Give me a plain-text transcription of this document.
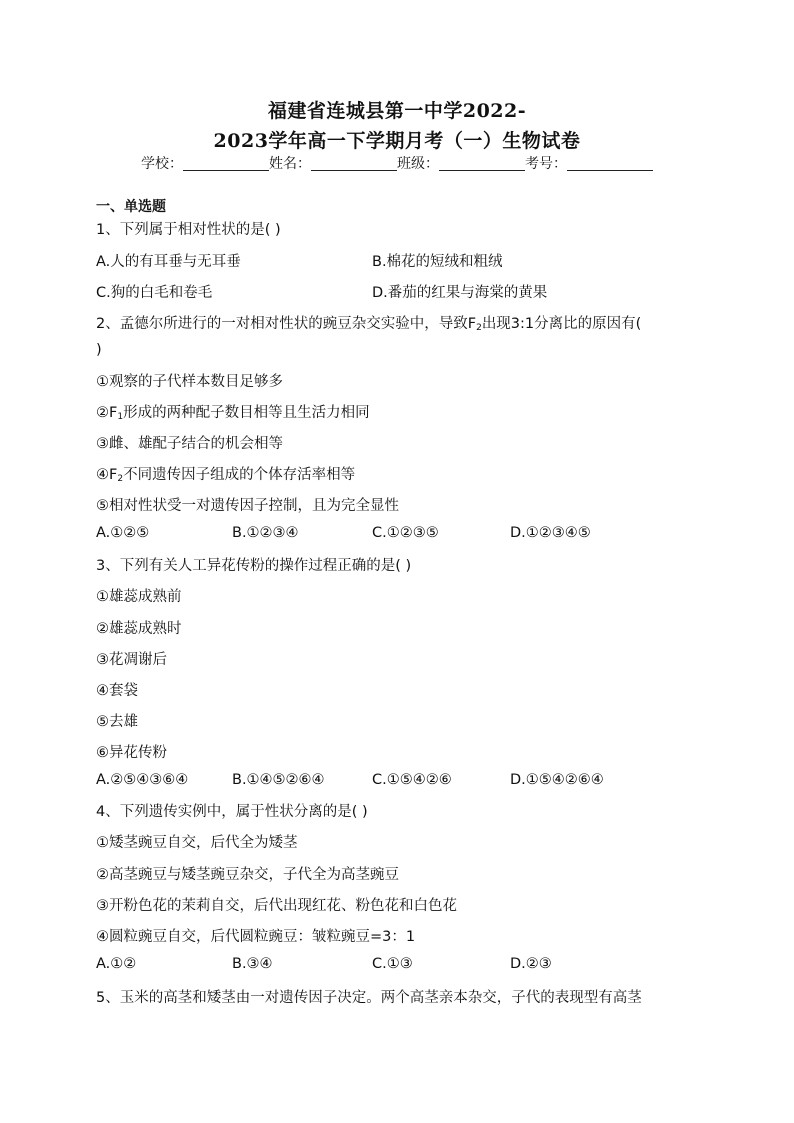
福建省连城县第一中学2022-
2023学年高一下学期月考（一）生物试卷
学校：	姓名：	班级：	考号：
一、单选题
1、下列属于相对性状的是( )
A.人的有耳垂与无耳垂	B.棉花的短绒和粗绒
C.狗的白毛和卷毛	D.番茄的红果与海棠的黄果
2、孟德尔所进行的一对相对性状的豌豆杂交实验中，导致$F_2$出现3:1分离比的原因有(
)
①观察的子代样本数目足够多
$②F_1$形成的两种配子数目相等且生活力相同
③雌、雄配子结合的机会相等
$④F_2$不同遗传因子组成的个体存活率相等
⑤相对性状受一对遗传因子控制，且为完全显性
A.①②⑤	B.①②③④	C.①②③⑤	D.①②③④⑤
3、下列有关人工异花传粉的操作过程正确的是( )
①雄蕊成熟前
②雄蕊成熟时
③花凋谢后
④套袋
⑤去雄
⑥异花传粉
A.②⑤④③⑥④	B.①④⑤②⑥④	C.①⑤④②⑥	D.①⑤④②⑥④
4、下列遗传实例中，属于性状分离的是( )
①矮茎豌豆自交，后代全为矮茎
②高茎豌豆与矮茎豌豆杂交，子代全为高茎豌豆
③开粉色花的茉莉自交，后代出现红花、粉色花和白色花
④圆粒豌豆自交，后代圆粒豌豆：皱粒豌豆=3：1
A.①②	B.③④	C.①③	D.②③
5、玉米的高茎和矮茎由一对遗传因子决定。两个高茎亲本杂交，子代的表现型有高茎
